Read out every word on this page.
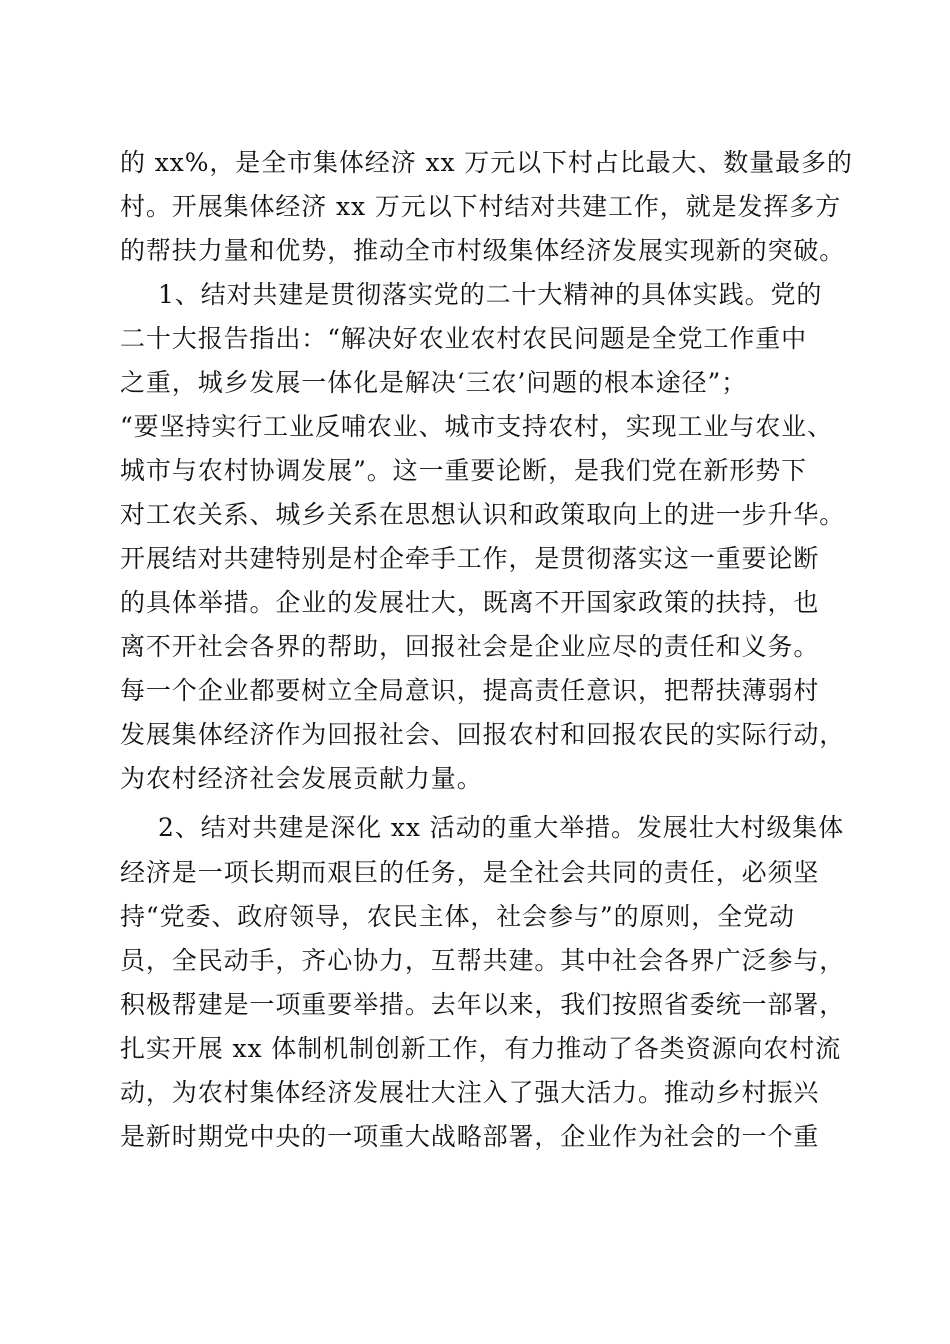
的 xx%，是全市集体经济 xx 万元以下村占比最大、数量最多的
村。开展集体经济 xx 万元以下村结对共建工作，就是发挥多方
的帮扶力量和优势，推动全市村级集体经济发展实现新的突破。
1、结对共建是贯彻落实党的二十大精神的具体实践。党的
二十大报告指出：“解决好农业农村农民问题是全党工作重中
之重，城乡发展一体化是解决‘三农’问题的根本途径”；
“要坚持实行工业反哺农业、城市支持农村，实现工业与农业、
城市与农村协调发展”。这一重要论断，是我们党在新形势下
对工农关系、城乡关系在思想认识和政策取向上的进一步升华。
开展结对共建特别是村企牵手工作，是贯彻落实这一重要论断
的具体举措。企业的发展壮大，既离不开国家政策的扶持，也
离不开社会各界的帮助，回报社会是企业应尽的责任和义务。
每一个企业都要树立全局意识，提高责任意识，把帮扶薄弱村
发展集体经济作为回报社会、回报农村和回报农民的实际行动，
为农村经济社会发展贡献力量。
2、结对共建是深化 xx 活动的重大举措。发展壮大村级集体
经济是一项长期而艰巨的任务，是全社会共同的责任，必须坚
持“党委、政府领导，农民主体，社会参与”的原则，全党动
员，全民动手，齐心协力，互帮共建。其中社会各界广泛参与，
积极帮建是一项重要举措。去年以来，我们按照省委统一部署，
扎实开展 xx 体制机制创新工作，有力推动了各类资源向农村流
动，为农村集体经济发展壮大注入了强大活力。推动乡村振兴
是新时期党中央的一项重大战略部署，企业作为社会的一个重
